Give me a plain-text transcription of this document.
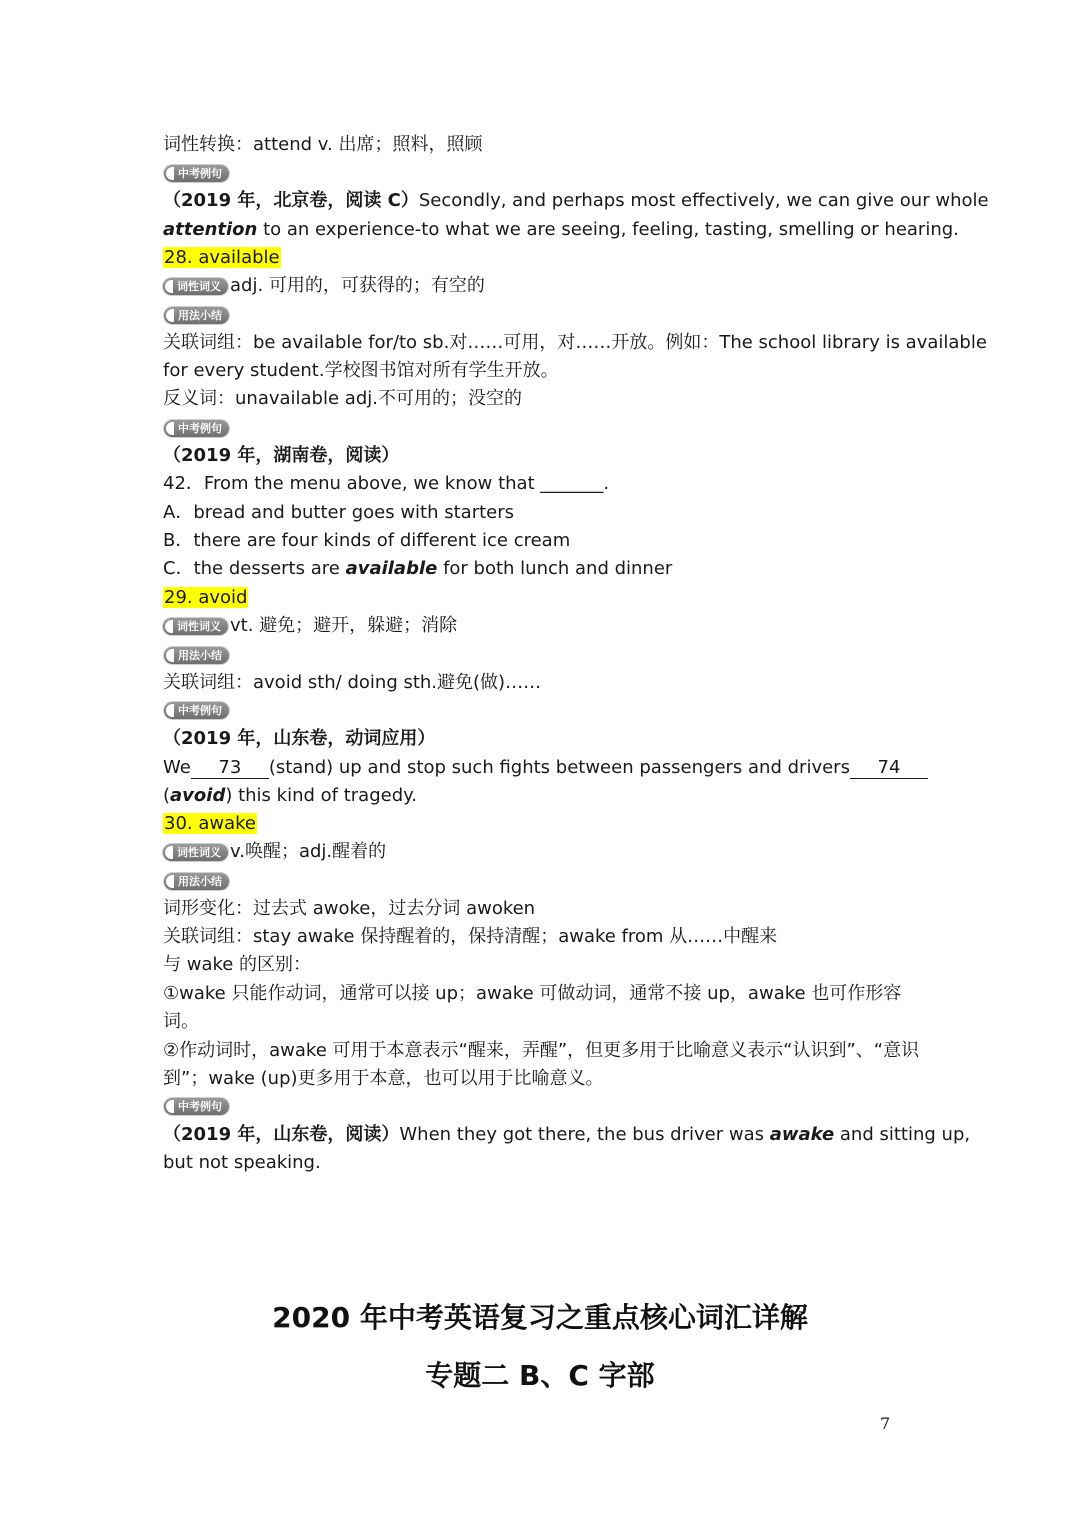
词性转换：attend v. 出席；照料，照顾
中考例句
（2019 年，北京卷，阅读 C）Secondly, and perhaps most effectively, we can give our whole
attention to an experience-to what we are seeing, feeling, tasting, smelling or hearing.
28. available
词性词义 adj. 可用的，可获得的；有空的
用法小结
关联词组：be available for/to sb.对……可用，对……开放。例如：The school library is available
for every student.学校图书馆对所有学生开放。
反义词：unavailable adj.不可用的；没空的
中考例句
（2019 年，湖南卷，阅读）
42．From the menu above, we know that _______.
A．bread and butter goes with starters
B．there are four kinds of different ice cream
C．the desserts are available for both lunch and dinner
29. avoid
词性词义 vt. 避免；避开，躲避；消除
用法小结
关联词组：avoid sth/ doing sth.避免(做)……
中考例句
（2019 年，山东卷，动词应用）
We 73 (stand) up and stop such fights between passengers and drivers 74
(avoid) this kind of tragedy.
30. awake
词性词义 v.唤醒；adj.醒着的
用法小结
词形变化：过去式 awoke，过去分词 awoken
关联词组：stay awake 保持醒着的，保持清醒；awake from 从……中醒来
与 wake 的区别：
①wake 只能作动词，通常可以接 up；awake 可做动词，通常不接 up，awake 也可作形容
词。
②作动词时，awake 可用于本意表示“醒来，弄醒”，但更多用于比喻意义表示“认识到”、“意识
到”；wake (up)更多用于本意，也可以用于比喻意义。
中考例句
（2019 年，山东卷，阅读）When they got there, the bus driver was awake and sitting up,
but not speaking.
2020 年中考英语复习之重点核心词汇详解
专题二 B、C 字部
7
